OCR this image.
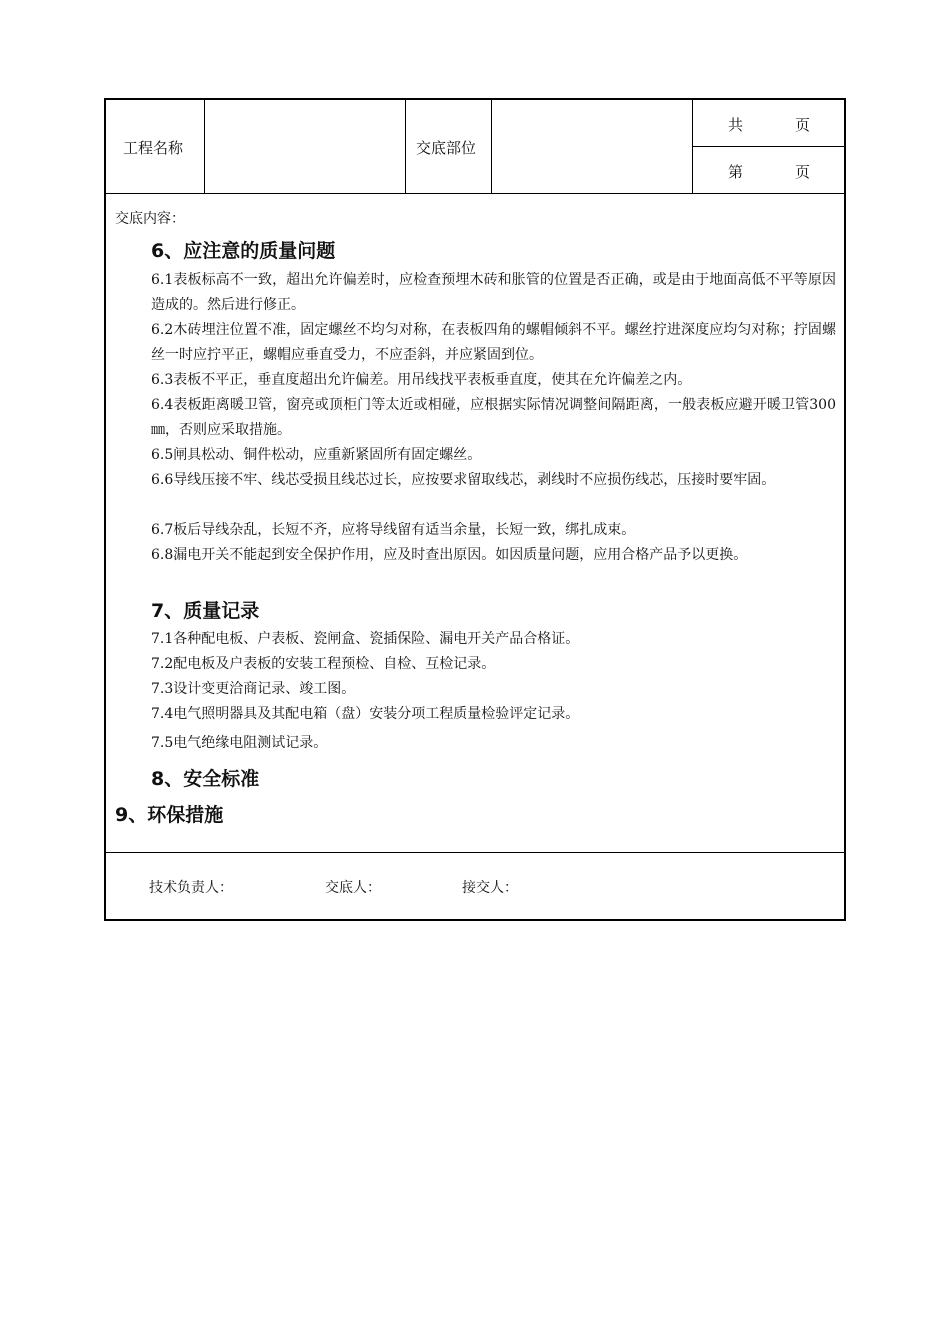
工程名称	交底部位
共	页
第	页
交底内容：
6、应注意的质量问题
6.1表板标高不一致，超出允许偏差时，应检查预埋木砖和胀管的位置是否正确，或是由于地面高低不平等原因造成的。然后进行修正。
6.2木砖埋注位置不准，固定螺丝不均匀对称，在表板四角的螺帽倾斜不平。螺丝拧进深度应均匀对称；拧固螺丝一时应拧平正，螺帽应垂直受力，不应歪斜，并应紧固到位。
6.3表板不平正，垂直度超出允许偏差。用吊线找平表板垂直度，使其在允许偏差之内。
6.4表板距离暖卫管，窗亮或顶柜门等太近或相碰，应根据实际情况调整间隔距离，一般表板应避开暖卫管300㎜，否则应采取措施。
6.5闸具松动、铜件松动，应重新紧固所有固定螺丝。
6.6导线压接不牢、线芯受损且线芯过长，应按要求留取线芯，剥线时不应损伤线芯，压接时要牢固。
6.7板后导线杂乱，长短不齐，应将导线留有适当余量，长短一致，绑扎成束。
6.8漏电开关不能起到安全保护作用，应及时查出原因。如因质量问题，应用合格产品予以更换。
7、质量记录
7.1各种配电板、户表板、瓷闸盒、瓷插保险、漏电开关产品合格证。
7.2配电板及户表板的安装工程预检、自检、互检记录。
7.3设计变更洽商记录、竣工图。
7.4电气照明器具及其配电箱（盘）安装分项工程质量检验评定记录。
7.5电气绝缘电阻测试记录。
8、安全标准
9、环保措施
技术负责人：	交底人：	接交人：
